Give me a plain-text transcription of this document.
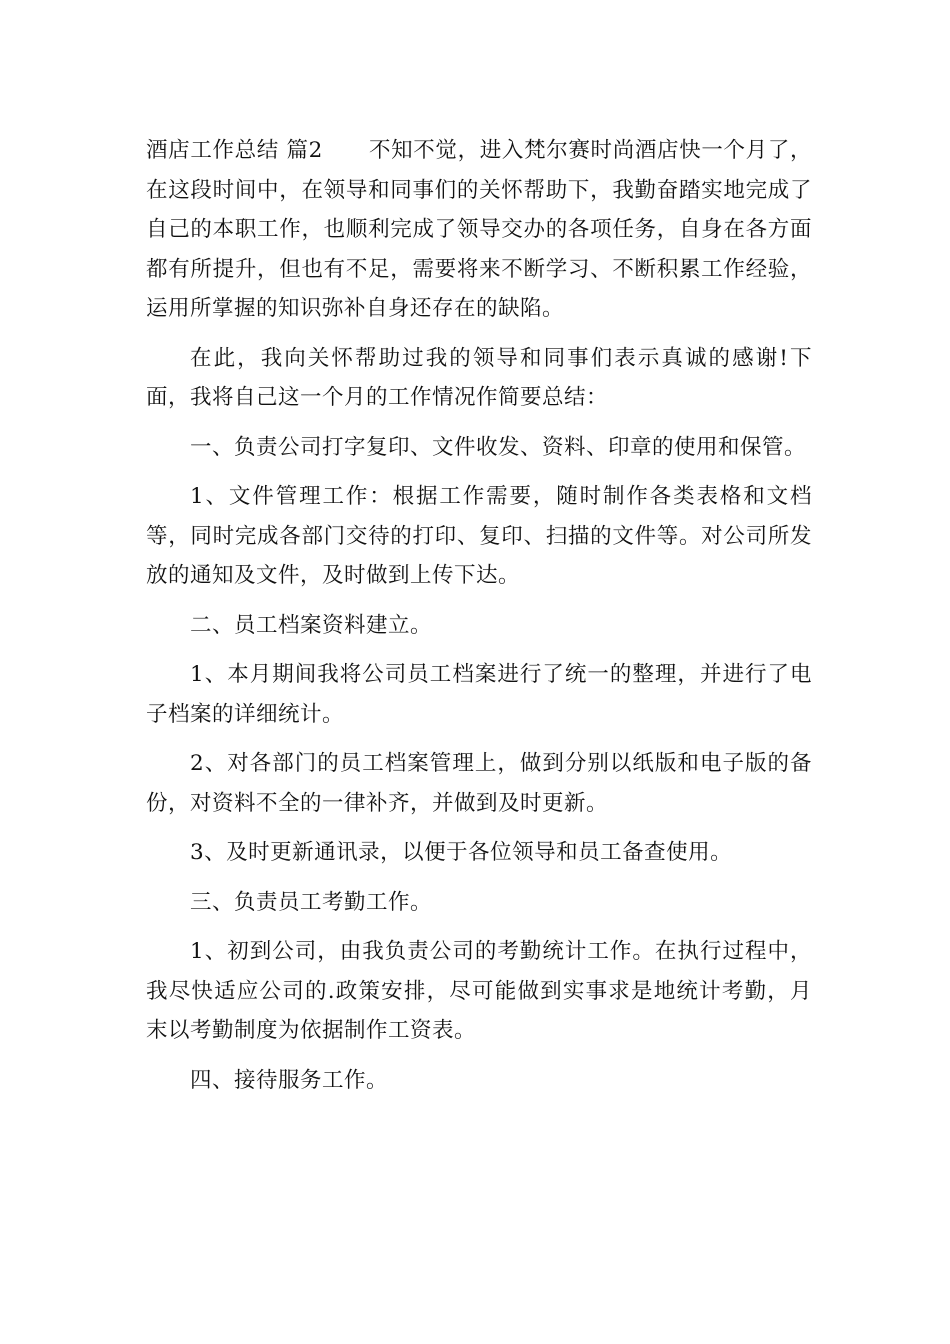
酒店工作总结 篇2 不知不觉，进入梵尔赛时尚酒店快一个月了，在这段时间中，在领导和同事们的关怀帮助下，我勤奋踏实地完成了自己的本职工作，也顺利完成了领导交办的各项任务，自身在各方面都有所提升，但也有不足，需要将来不断学习、不断积累工作经验，运用所掌握的知识弥补自身还存在的缺陷。

在此，我向关怀帮助过我的领导和同事们表示真诚的感谢!下面，我将自己这一个月的工作情况作简要总结：

一、负责公司打字复印、文件收发、资料、印章的使用和保管。

1、文件管理工作：根据工作需要，随时制作各类表格和文档等，同时完成各部门交待的打印、复印、扫描的文件等。对公司所发放的通知及文件，及时做到上传下达。

二、员工档案资料建立。

1、本月期间我将公司员工档案进行了统一的整理，并进行了电子档案的详细统计。

2、对各部门的员工档案管理上，做到分别以纸版和电子版的备份，对资料不全的一律补齐，并做到及时更新。

3、及时更新通讯录，以便于各位领导和员工备查使用。

三、负责员工考勤工作。

1、初到公司，由我负责公司的考勤统计工作。在执行过程中，我尽快适应公司的.政策安排，尽可能做到实事求是地统计考勤，月末以考勤制度为依据制作工资表。

四、接待服务工作。
